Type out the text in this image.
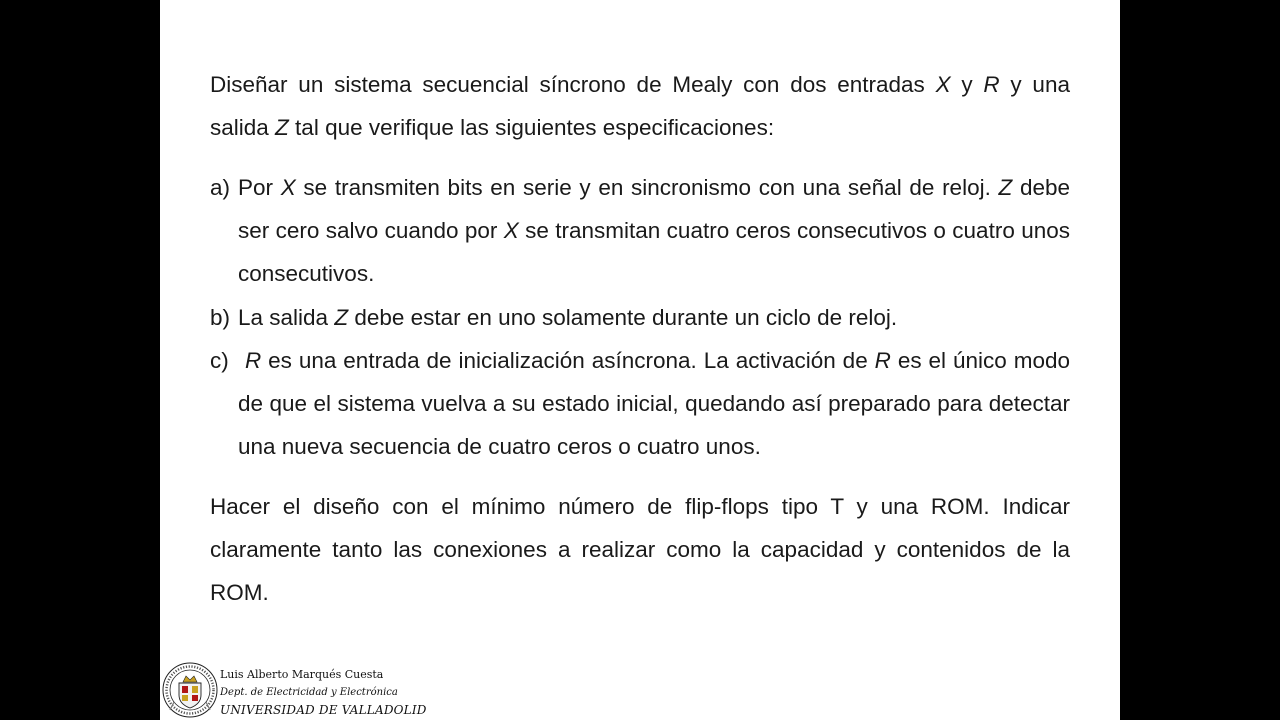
Diseñar un sistema secuencial síncrono de Mealy con dos entradas X y R y una salida Z tal que verifique las siguientes especificaciones:

a) Por X se transmiten bits en serie y en sincronismo con una señal de reloj. Z debe ser cero salvo cuando por X se transmitan cuatro ceros consecutivos o cuatro unos consecutivos.

b) La salida Z debe estar en uno solamente durante un ciclo de reloj.

c) R es una entrada de inicialización asíncrona. La activación de R es el único modo de que el sistema vuelva a su estado inicial, quedando así preparado para detectar una nueva secuencia de cuatro ceros o cuatro unos.

Hacer el diseño con el mínimo número de flip-flops tipo T y una ROM. Indicar claramente tanto las conexiones a realizar como la capacidad y contenidos de la ROM.

Luis Alberto Marqués Cuesta
Dept. de Electricidad y Electrónica
UNIVERSIDAD DE VALLADOLID
